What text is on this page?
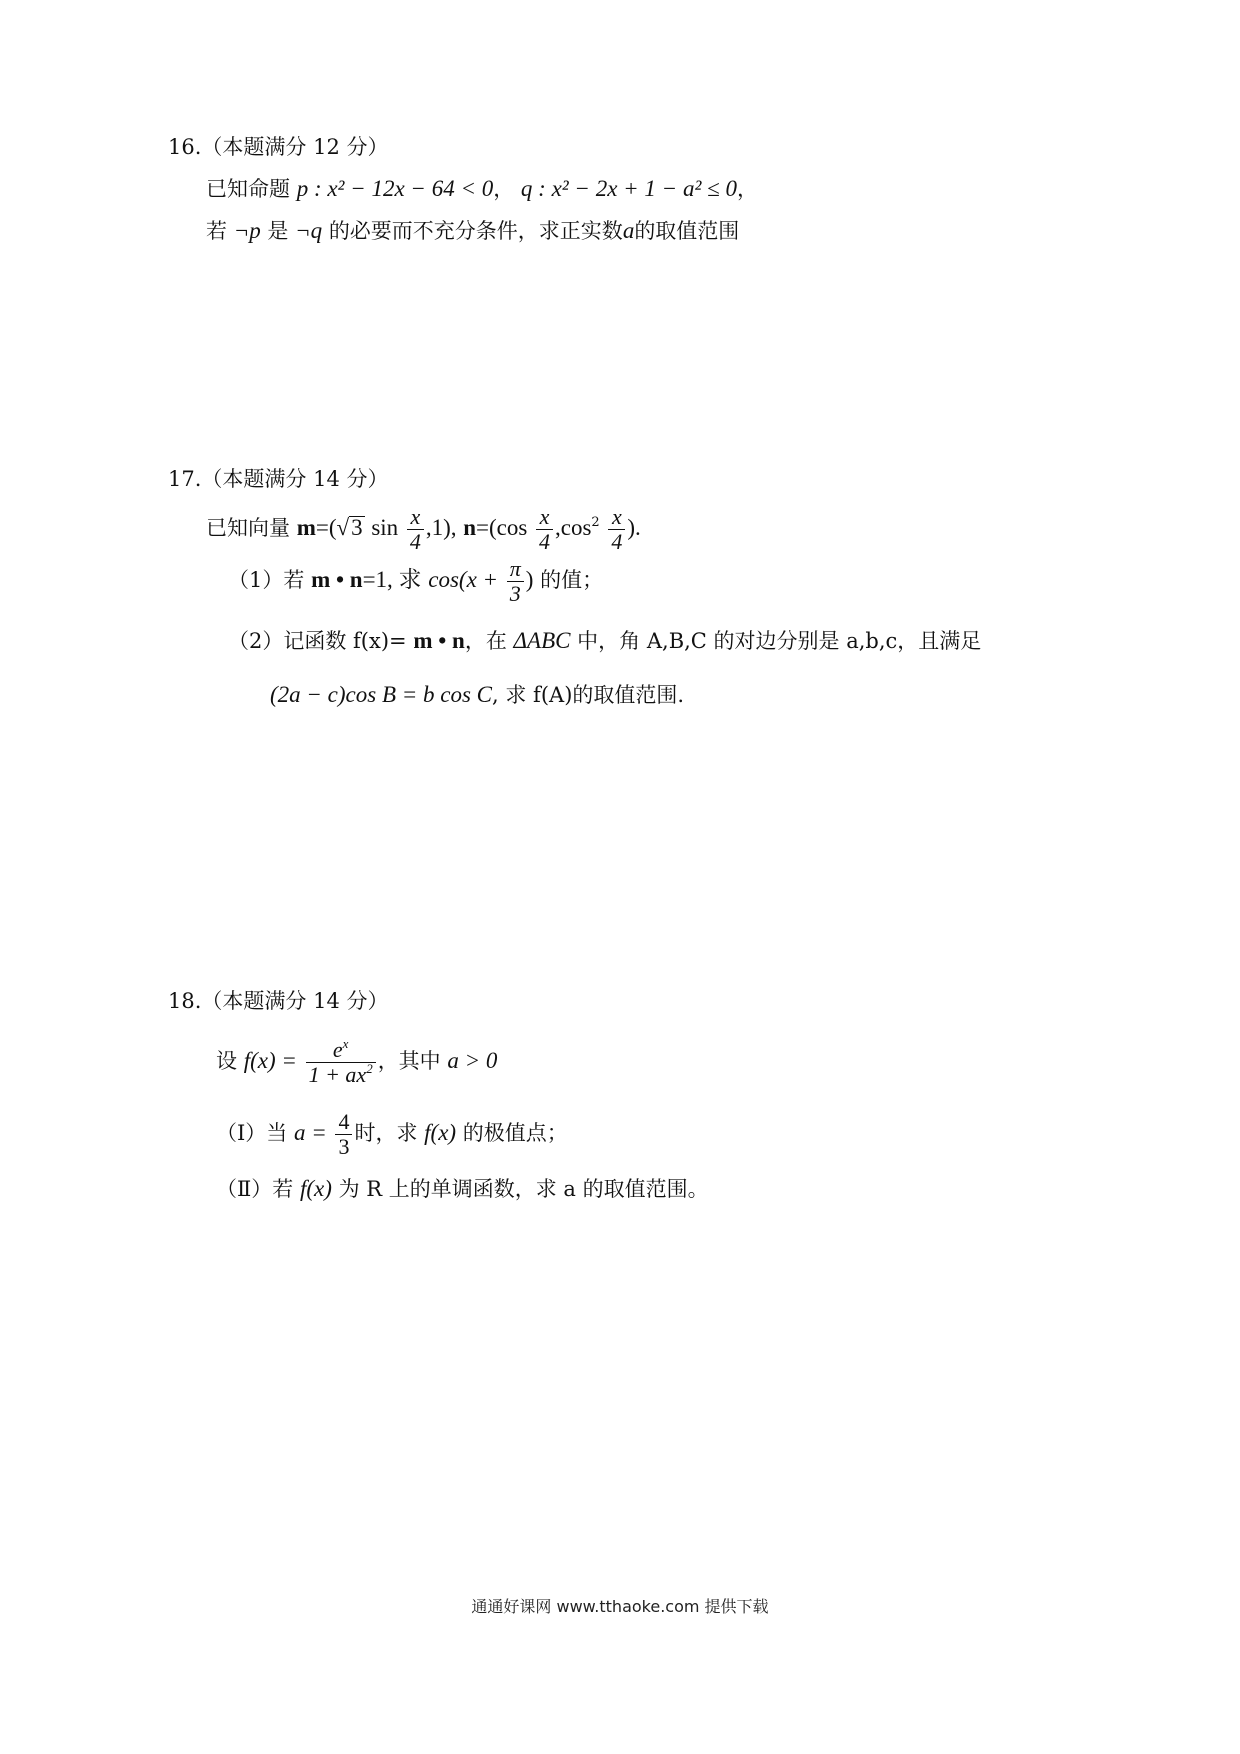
16.（本题满分 12 分）
已知命题 p : x² − 12x − 64 < 0， q : x² − 2x + 1 − a² ≤ 0，
若 ¬p 是 ¬q 的必要而不充分条件，求正实数a的取值范围
17.（本题满分 14 分）
已知向量 m=(√3 $\sin \frac{x}{4} ,1$), $n=(\cos \frac{x}{4} ,\cos^2 \frac{x}{4}$ ).
（1）若 m • n=1, 求 $\cos(x + \frac{\pi}{3}$ ) 的值；
（2）记函数 f(x)= m • n，在 ΔABC 中，角 A,B,C 的对边分别是 a,b,c，且满足
(2a − c)cos B = b cos C, 求 f(A)的取值范围.
18.（本题满分 14 分）
设 $f(x) = \frac{e^x}{1 + ax^2}$ ，其中 a > 0
（Ⅰ）当 $a = \frac{4}{3}$ 时，求 f(x) 的极值点；
（Ⅱ）若 f(x) 为 R 上的单调函数，求 a 的取值范围。
通通好课网 www.tthaoke.com 提供下载
